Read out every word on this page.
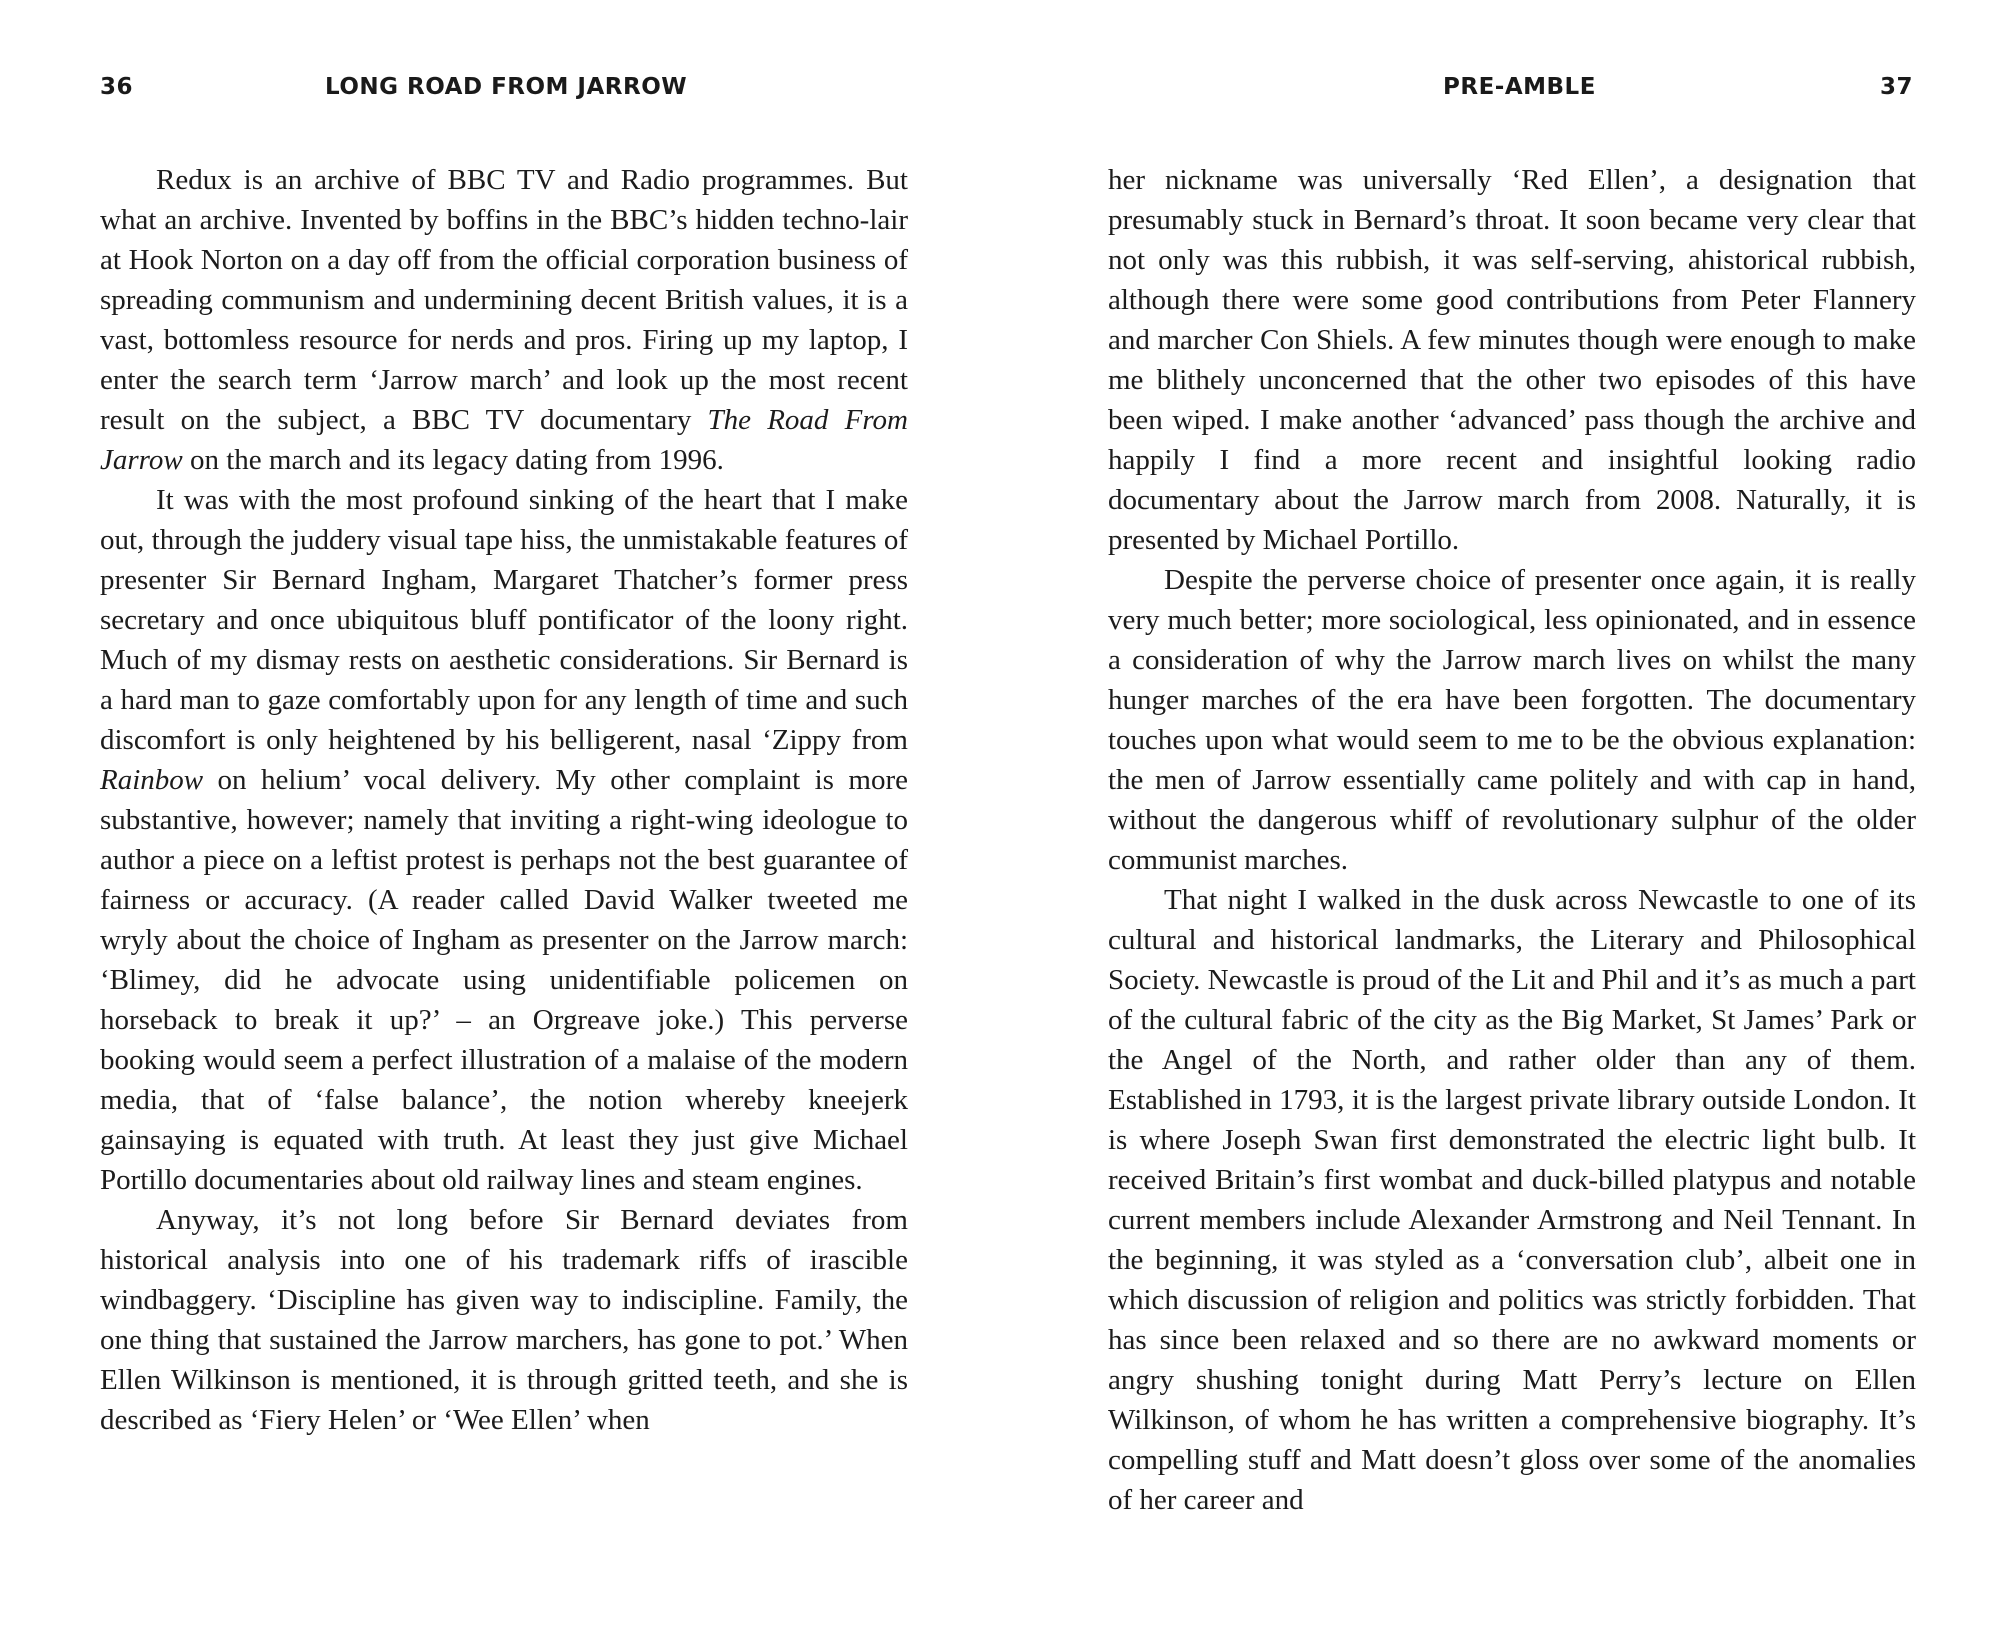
36	LONG ROAD FROM JARROW

Redux is an archive of BBC TV and Radio programmes. But what an archive. Invented by boffins in the BBC’s hidden techno-lair at Hook Norton on a day off from the official corporation business of spreading communism and undermining decent British values, it is a vast, bottomless resource for nerds and pros. Firing up my laptop, I enter the search term ‘Jarrow march’ and look up the most recent result on the subject, a BBC TV documentary The Road From Jarrow on the march and its legacy dating from 1996.

It was with the most profound sinking of the heart that I make out, through the juddery visual tape hiss, the unmistakable features of presenter Sir Bernard Ingham, Margaret Thatcher’s former press secretary and once ubiquitous bluff pontificator of the loony right. Much of my dismay rests on aesthetic considerations. Sir Bernard is a hard man to gaze comfortably upon for any length of time and such discomfort is only heightened by his belligerent, nasal ‘Zippy from Rainbow on helium’ vocal delivery. My other complaint is more substantive, however; namely that inviting a right-wing ideologue to author a piece on a leftist protest is perhaps not the best guarantee of fairness or accuracy. (A reader called David Walker tweeted me wryly about the choice of Ingham as presenter on the Jarrow march: ‘Blimey, did he advocate using unidentifiable policemen on horseback to break it up?’ – an Orgreave joke.) This perverse booking would seem a perfect illustration of a malaise of the modern media, that of ‘false balance’, the notion whereby kneejerk gainsaying is equated with truth. At least they just give Michael Portillo documentaries about old railway lines and steam engines.

Anyway, it’s not long before Sir Bernard deviates from historical analysis into one of his trademark riffs of irascible windbaggery. ‘Discipline has given way to indiscipline. Family, the one thing that sustained the Jarrow marchers, has gone to pot.’ When Ellen Wilkinson is mentioned, it is through gritted teeth, and she is described as ‘Fiery Helen’ or ‘Wee Ellen’ when

PRE-AMBLE	37

her nickname was universally ‘Red Ellen’, a designation that presumably stuck in Bernard’s throat. It soon became very clear that not only was this rubbish, it was self-serving, ahistorical rubbish, although there were some good contributions from Peter Flannery and marcher Con Shiels. A few minutes though were enough to make me blithely unconcerned that the other two episodes of this have been wiped. I make another ‘advanced’ pass though the archive and happily I find a more recent and insightful looking radio documentary about the Jarrow march from 2008. Naturally, it is presented by Michael Portillo.

Despite the perverse choice of presenter once again, it is really very much better; more sociological, less opinionated, and in essence a consideration of why the Jarrow march lives on whilst the many hunger marches of the era have been forgotten. The documentary touches upon what would seem to me to be the obvious explanation: the men of Jarrow essentially came politely and with cap in hand, without the dangerous whiff of revolutionary sulphur of the older communist marches.

That night I walked in the dusk across Newcastle to one of its cultural and historical landmarks, the Literary and Philosophical Society. Newcastle is proud of the Lit and Phil and it’s as much a part of the cultural fabric of the city as the Big Market, St James’ Park or the Angel of the North, and rather older than any of them. Established in 1793, it is the largest private library outside London. It is where Joseph Swan first demonstrated the electric light bulb. It received Britain’s first wombat and duck-billed platypus and notable current members include Alexander Armstrong and Neil Tennant. In the beginning, it was styled as a ‘conversation club’, albeit one in which discussion of religion and politics was strictly forbidden. That has since been relaxed and so there are no awkward moments or angry shushing tonight during Matt Perry’s lecture on Ellen Wilkinson, of whom he has written a comprehensive biography. It’s compelling stuff and Matt doesn’t gloss over some of the anomalies of her career and
